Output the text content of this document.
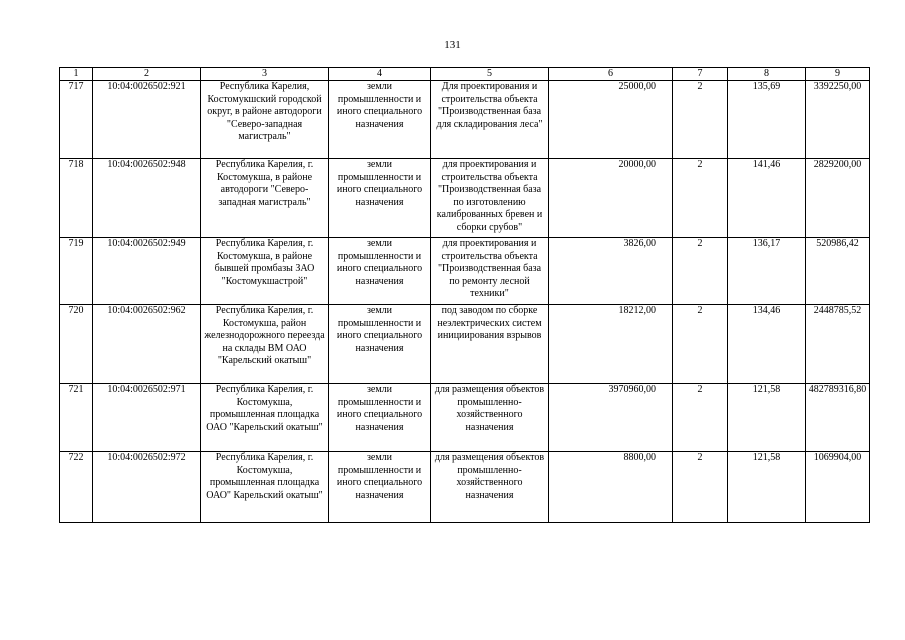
131
1	2	3	4	5	6	7	8	9
717	10:04:0026502:921	Республика Карелия, Костомукшский городской округ, в районе автодороги "Северо-западная магистраль"	земли промышленности и иного специального назначения	Для проектирования и строительства объекта "Производственная база для складирования леса"	25000,00	2	135,69	3392250,00
718	10:04:0026502:948	Республика Карелия, г. Костомукша, в районе автодороги "Северо-западная магистраль"	земли промышленности и иного специального назначения	для проектирования и строительства объекта "Производственная база по изготовлению калиброванных бревен и сборки срубов"	20000,00	2	141,46	2829200,00
719	10:04:0026502:949	Республика Карелия, г. Костомукша, в районе бывшей промбазы ЗАО "Костомукшастрой"	земли промышленности и иного специального назначения	для проектирования и строительства объекта "Производственная база по ремонту лесной техники"	3826,00	2	136,17	520986,42
720	10:04:0026502:962	Республика Карелия, г. Костомукша, район железнодорожного переезда на склады ВМ ОАО "Карельский окатыш"	земли промышленности и иного специального назначения	под заводом по сборке неэлектрических систем инициирования взрывов	18212,00	2	134,46	2448785,52
721	10:04:0026502:971	Республика Карелия, г. Костомукша, промышленная площадка ОАО "Карельский окатыш"	земли промышленности и иного специального назначения	для размещения объектов промышленно-хозяйственного назначения	3970960,00	2	121,58	482789316,80
722	10:04:0026502:972	Республика Карелия, г. Костомукша, промышленная площадка ОАО" Карельский окатыш"	земли промышленности и иного специального назначения	для размещения объектов промышленно-хозяйственного назначения	8800,00	2	121,58	1069904,00
